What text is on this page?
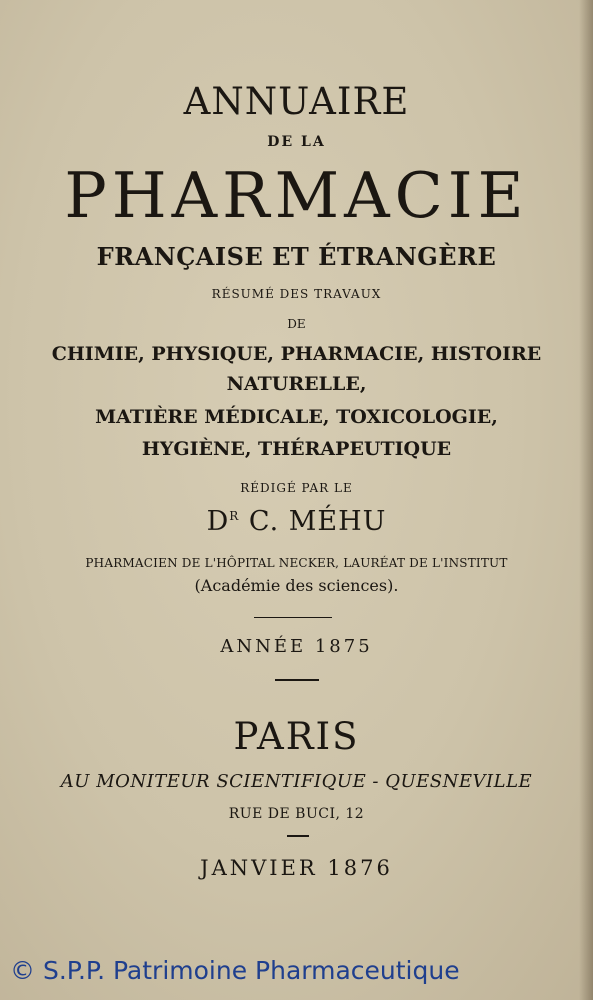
ANNUAIRE
DE LA
PHARMACIE
FRANÇAISE ET ÉTRANGÈRE
RÉSUMÉ DES TRAVAUX
DE
CHIMIE, PHYSIQUE, PHARMACIE, HISTOIRE
NATURELLE,
MATIÈRE MÉDICALE, TOXICOLOGIE,
HYGIÈNE, THÉRAPEUTIQUE
RÉDIGÉ PAR LE
$D^R$ C. MÉHU
PHARMACIEN DE L'HÔPITAL NECKER, LAURÉAT DE L'INSTITUT
(Académie des sciences).
ANNÉE 1875
PARIS
AU MONITEUR SCIENTIFIQUE - QUESNEVILLE
RUE DE BUCI, 12
JANVIER 1876
© S.P.P. Patrimoine Pharmaceutique
